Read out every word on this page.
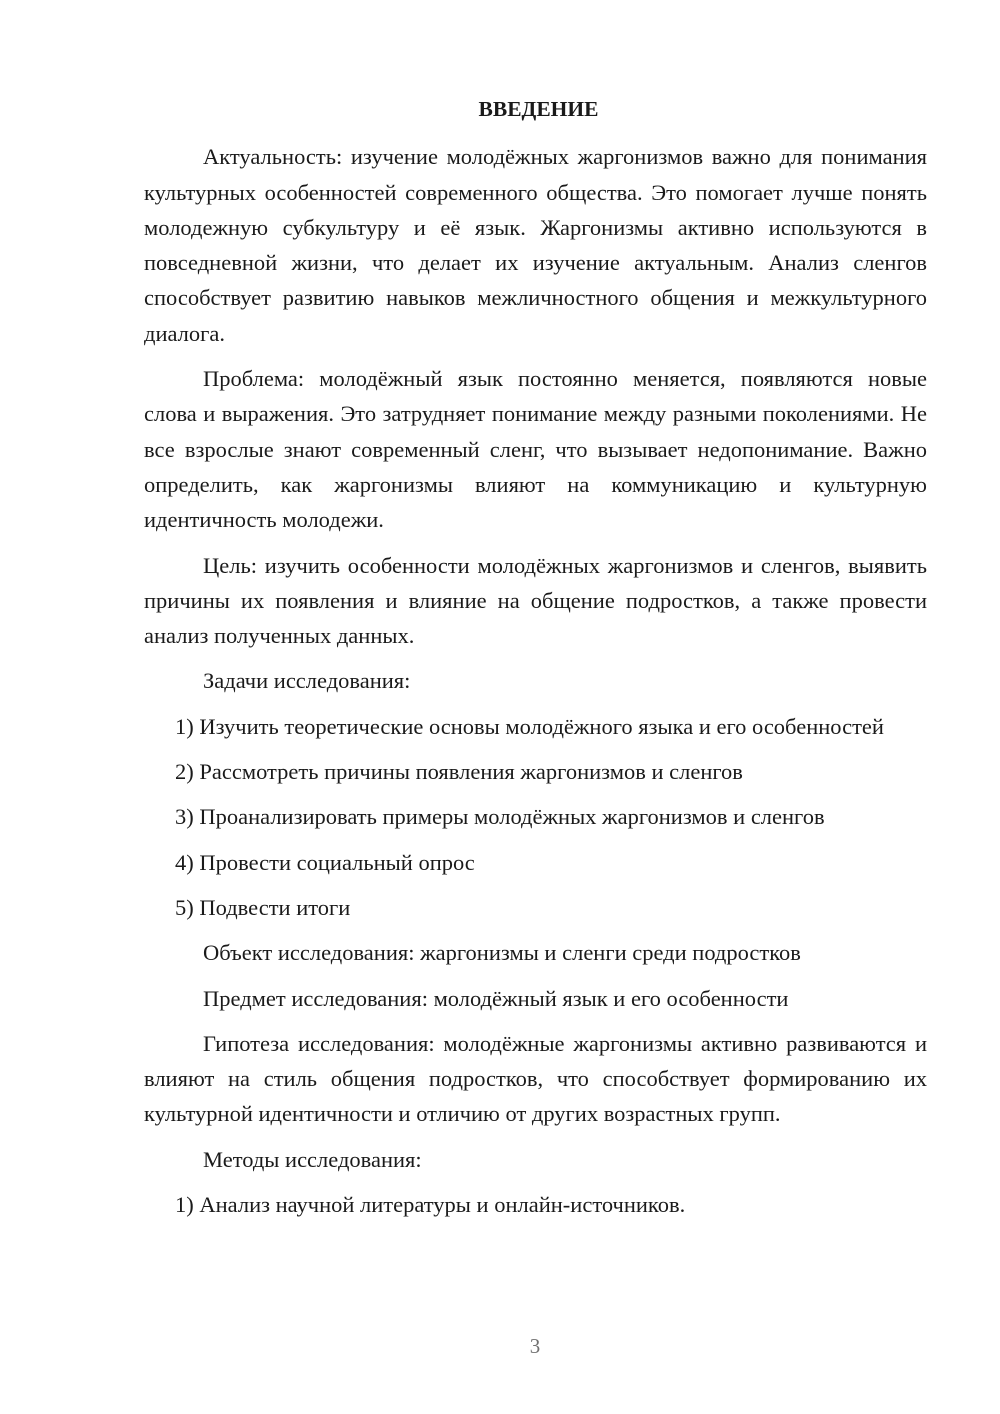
ВВЕДЕНИЕ

Актуальность: изучение молодёжных жаргонизмов важно для понимания культурных особенностей современного общества. Это помогает лучше понять молодежную субкультуру и её язык. Жаргонизмы активно используются в повседневной жизни, что делает их изучение актуальным. Анализ сленгов способствует развитию навыков межличностного общения и межкультурного диалога.

Проблема: молодёжный язык постоянно меняется, появляются новые слова и выражения. Это затрудняет понимание между разными поколениями. Не все взрослые знают современный сленг, что вызывает недопонимание. Важно определить, как жаргонизмы влияют на коммуникацию и культурную идентичность молодежи.

Цель: изучить особенности молодёжных жаргонизмов и сленгов, выявить причины их появления и влияние на общение подростков, а также провести анализ полученных данных.

Задачи исследования:

1) Изучить теоретические основы молодёжного языка и его особенностей

2) Рассмотреть причины появления жаргонизмов и сленгов

3) Проанализировать примеры молодёжных жаргонизмов и сленгов

4) Провести социальный опрос

5) Подвести итоги

Объект исследования: жаргонизмы и сленги среди подростков

Предмет исследования: молодёжный язык и его особенности

Гипотеза исследования: молодёжные жаргонизмы активно развиваются и влияют на стиль общения подростков, что способствует формированию их культурной идентичности и отличию от других возрастных групп.

Методы исследования:

1) Анализ научной литературы и онлайн-источников.

3
